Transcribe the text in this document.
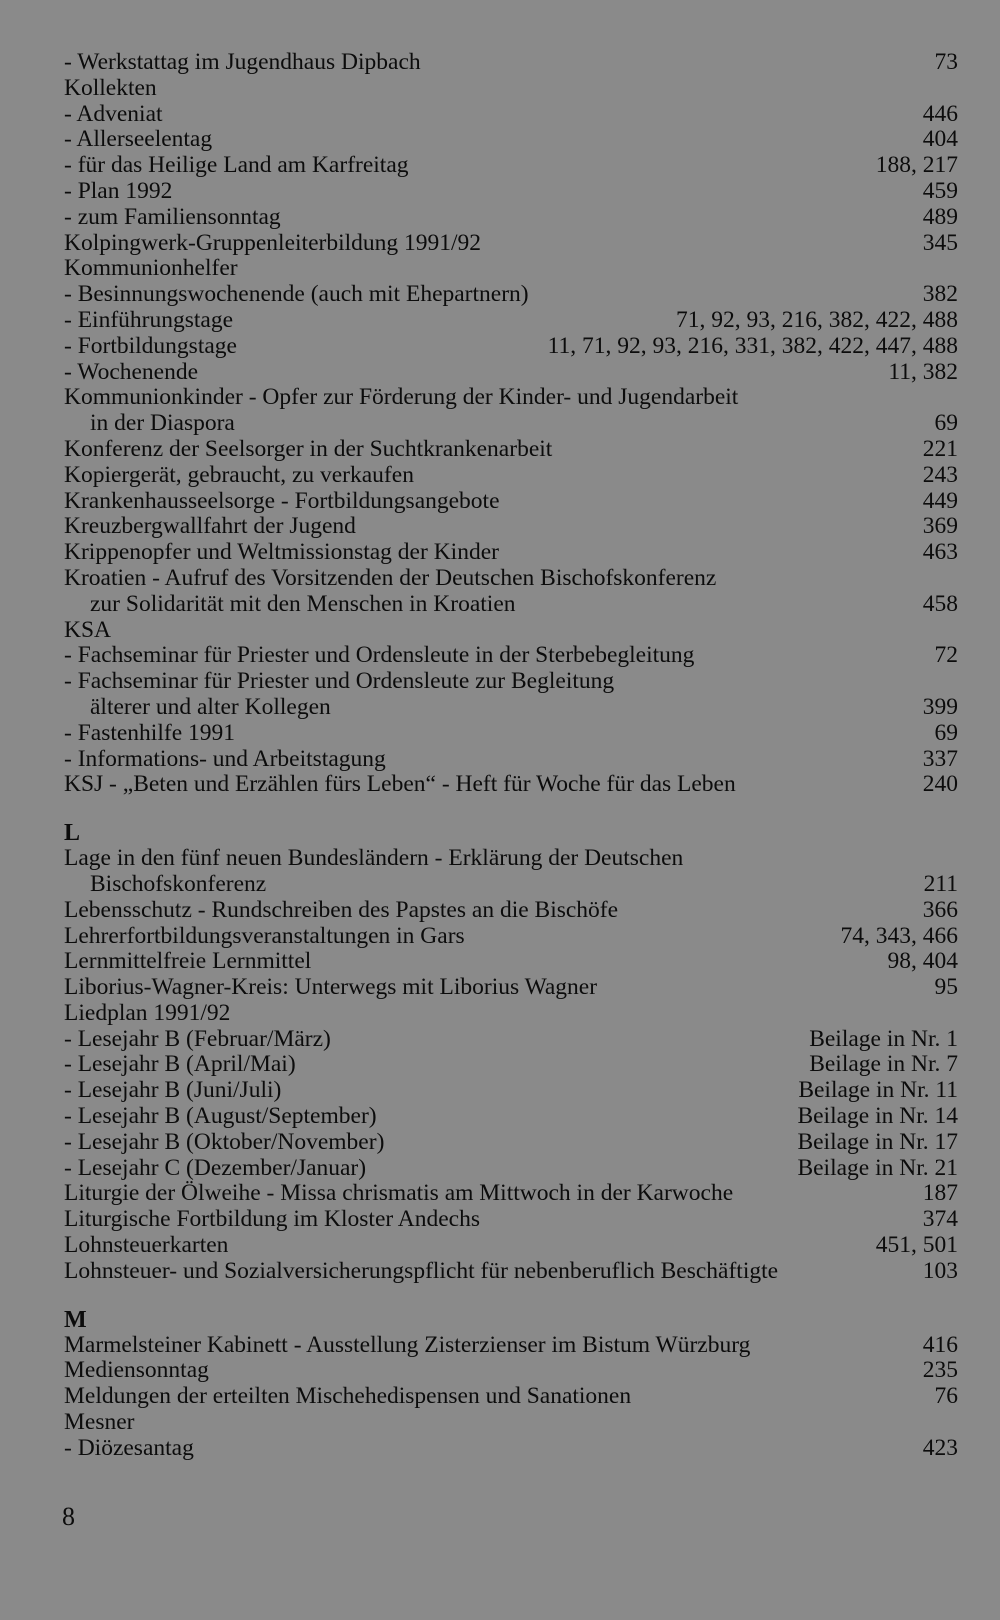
- Werkstattag im Jugendhaus Dipbach	73
Kollekten
- Adveniat	446
- Allerseelentag	404
- für das Heilige Land am Karfreitag	188, 217
- Plan 1992	459
- zum Familiensonntag	489
Kolpingwerk-Gruppenleiterbildung 1991/92	345
Kommunionhelfer
- Besinnungswochenende (auch mit Ehepartnern)	382
- Einführungstage	71, 92, 93, 216, 382, 422, 488
- Fortbildungstage	11, 71, 92, 93, 216, 331, 382, 422, 447, 488
- Wochenende	11, 382
Kommunionkinder - Opfer zur Förderung der Kinder- und Jugendarbeit
in der Diaspora	69
Konferenz der Seelsorger in der Suchtkrankenarbeit	221
Kopiergerät, gebraucht, zu verkaufen	243
Krankenhausseelsorge - Fortbildungsangebote	449
Kreuzbergwallfahrt der Jugend	369
Krippenopfer und Weltmissionstag der Kinder	463
Kroatien - Aufruf des Vorsitzenden der Deutschen Bischofskonferenz
zur Solidarität mit den Menschen in Kroatien	458
KSA
- Fachseminar für Priester und Ordensleute in der Sterbebegleitung	72
- Fachseminar für Priester und Ordensleute zur Begleitung
älterer und alter Kollegen	399
- Fastenhilfe 1991	69
- Informations- und Arbeitstagung	337
KSJ - „Beten und Erzählen fürs Leben“ - Heft für Woche für das Leben	240
L
Lage in den fünf neuen Bundesländern - Erklärung der Deutschen
Bischofskonferenz	211
Lebensschutz - Rundschreiben des Papstes an die Bischöfe	366
Lehrerfortbildungsveranstaltungen in Gars	74, 343, 466
Lernmittelfreie Lernmittel	98, 404
Liborius-Wagner-Kreis: Unterwegs mit Liborius Wagner	95
Liedplan 1991/92
- Lesejahr B (Februar/März)	Beilage in Nr. 1
- Lesejahr B (April/Mai)	Beilage in Nr. 7
- Lesejahr B (Juni/Juli)	Beilage in Nr. 11
- Lesejahr B (August/September)	Beilage in Nr. 14
- Lesejahr B (Oktober/November)	Beilage in Nr. 17
- Lesejahr C (Dezember/Januar)	Beilage in Nr. 21
Liturgie der Ölweihe - Missa chrismatis am Mittwoch in der Karwoche	187
Liturgische Fortbildung im Kloster Andechs	374
Lohnsteuerkarten	451, 501
Lohnsteuer- und Sozialversicherungspflicht für nebenberuflich Beschäftigte	103
M
Marmelsteiner Kabinett - Ausstellung Zisterzienser im Bistum Würzburg	416
Mediensonntag	235
Meldungen der erteilten Mischehedispensen und Sanationen	76
Mesner
- Diözesantag	423
8
